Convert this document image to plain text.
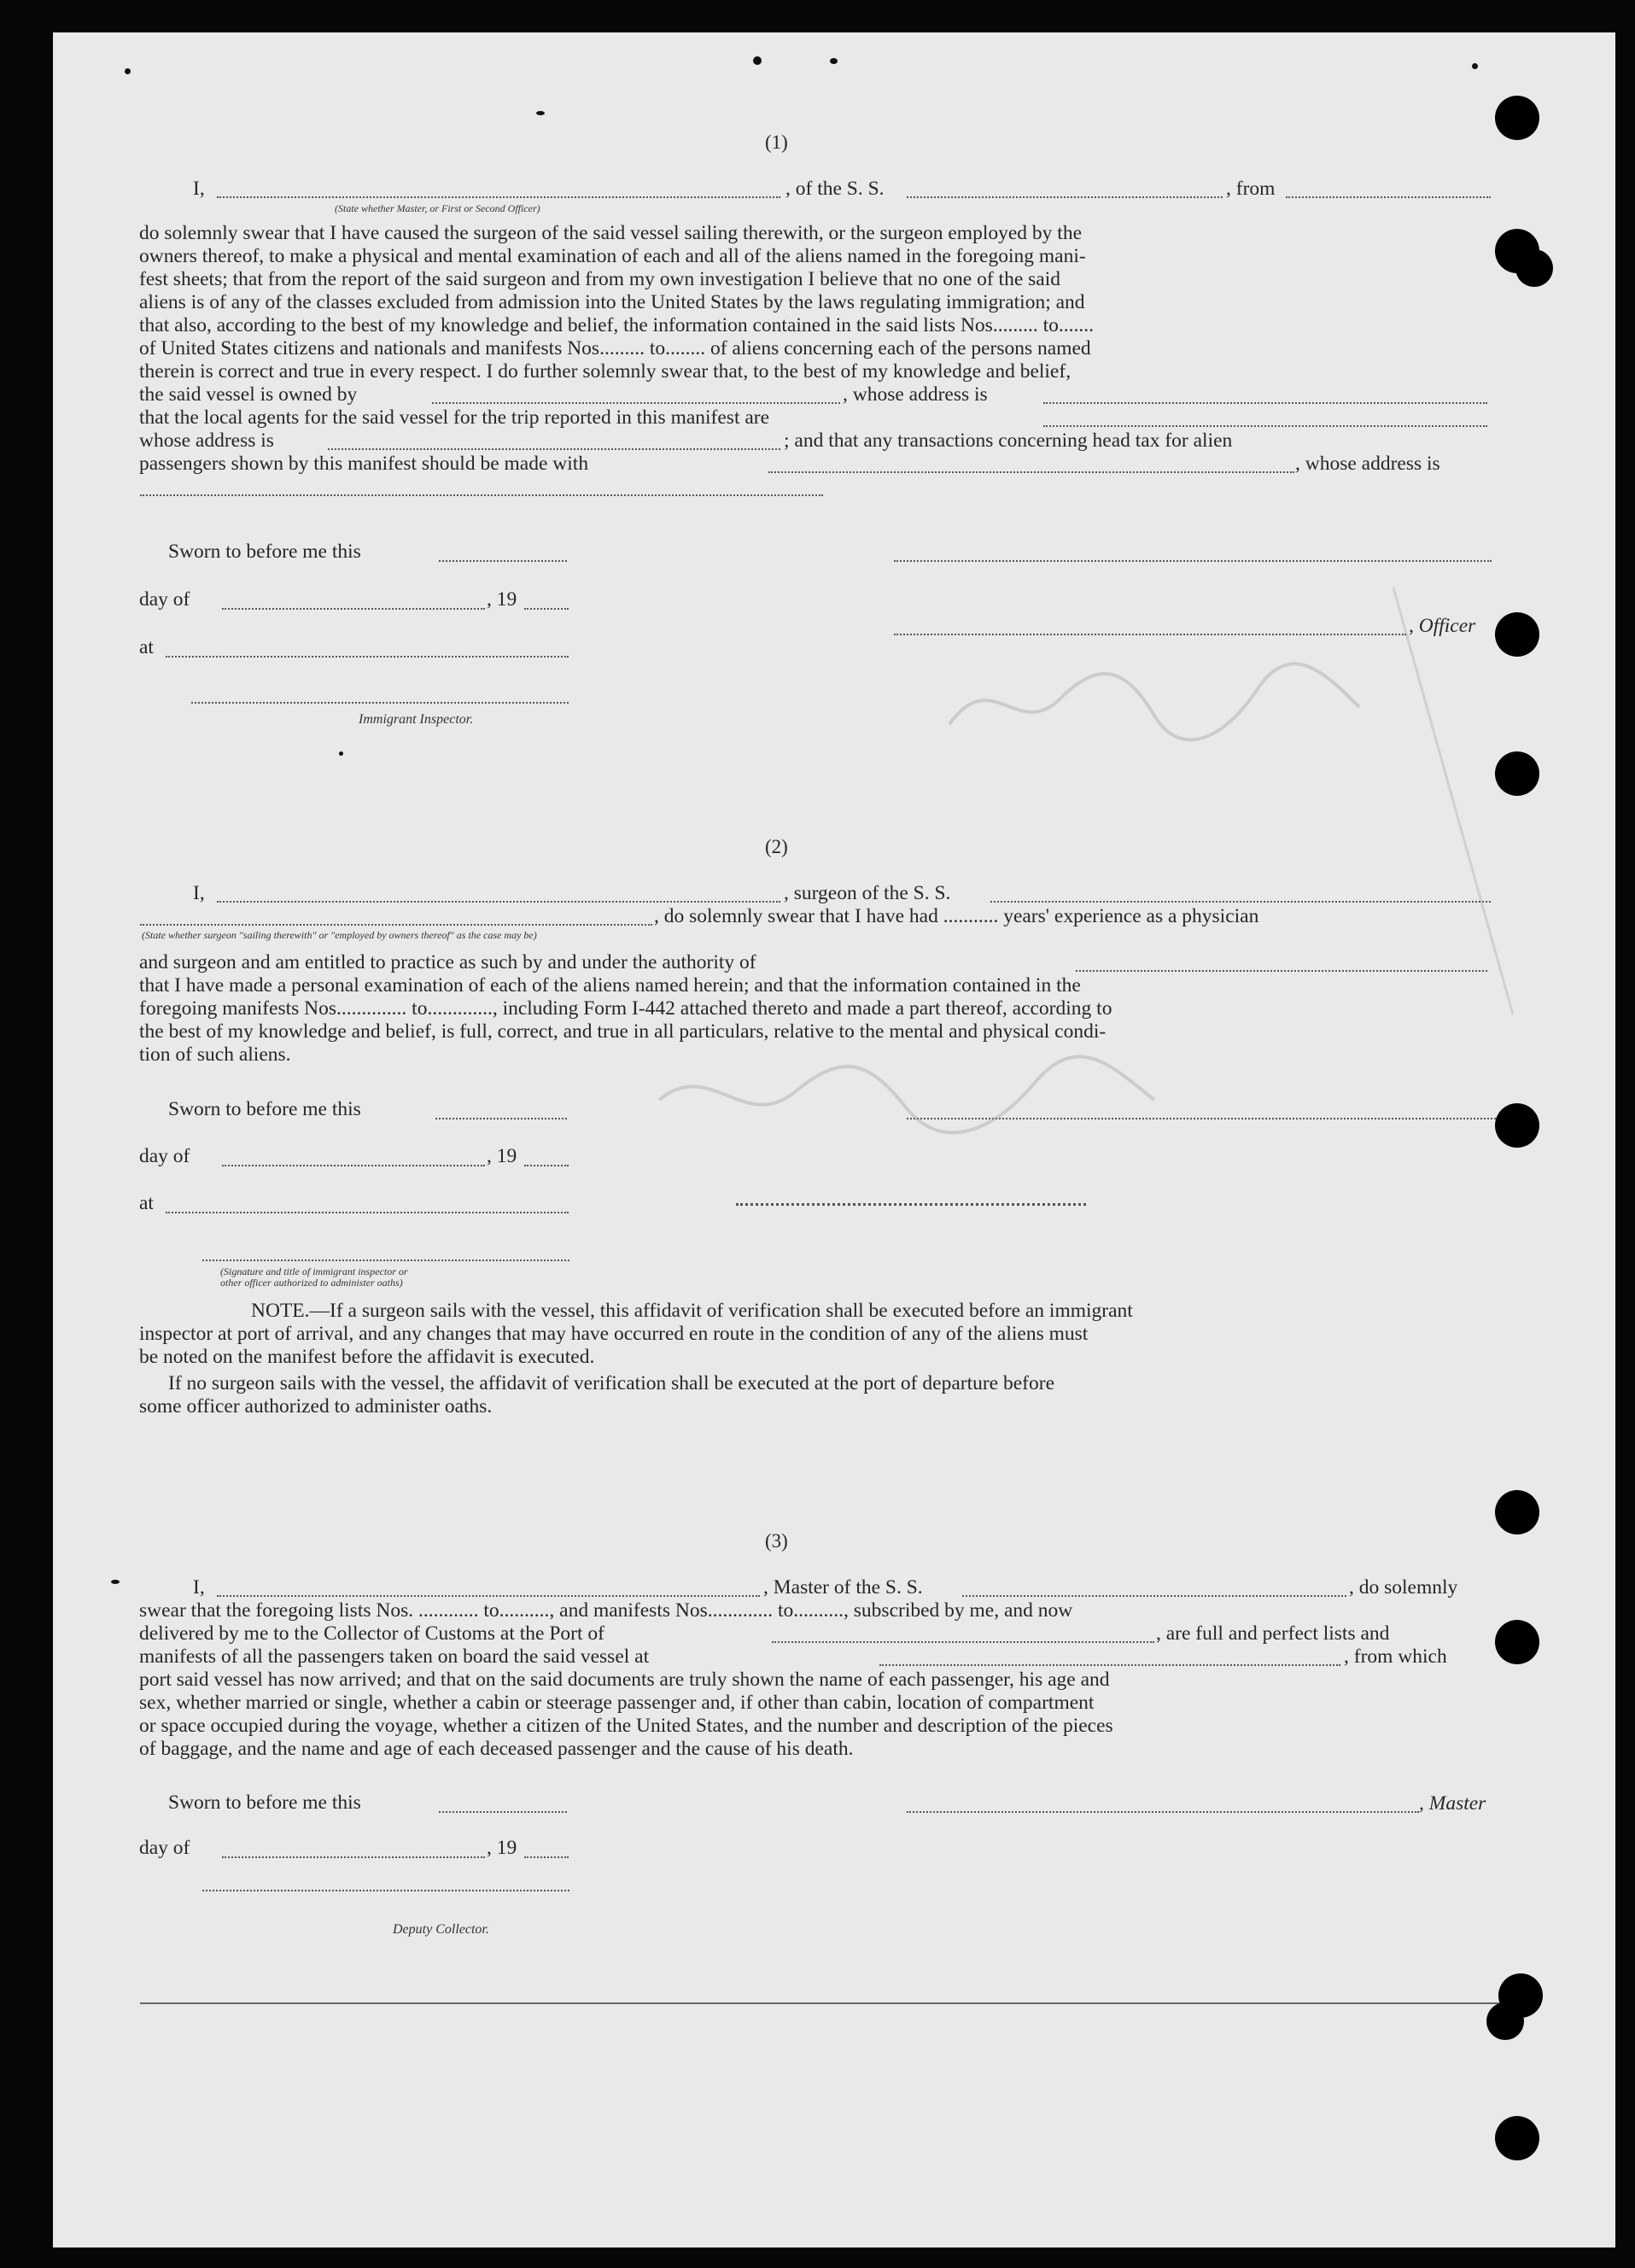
(1)
I,	, of the S. S.	, from
(State whether Master, or First or Second Officer)
do solemnly swear that I have caused the surgeon of the said vessel sailing therewith, or the surgeon employed by the
owners thereof, to make a physical and mental examination of each and all of the aliens named in the foregoing mani-
fest sheets; that from the report of the said surgeon and from my own investigation I believe that no one of the said
aliens is of any of the classes excluded from admission into the United States by the laws regulating immigration; and
that also, according to the best of my knowledge and belief, the information contained in the said lists Nos......... to.......
of United States citizens and nationals and manifests Nos......... to........ of aliens concerning each of the persons named
therein is correct and true in every respect. I do further solemnly swear that, to the best of my knowledge and belief,
the said vessel is owned by	, whose address is
that the local agents for the said vessel for the trip reported in this manifest are
whose address is	; and that any transactions concerning head tax for alien
passengers shown by this manifest should be made with	, whose address is
Sworn to before me this
day of	, 19
, Officer
at
Immigrant Inspector.
(2)
I,	, surgeon of the S. S.
, do solemnly swear that I have had ........... years' experience as a physician
(State whether surgeon "sailing therewith" or "employed by owners thereof" as the case may be)
and surgeon and am entitled to practice as such by and under the authority of
that I have made a personal examination of each of the aliens named herein; and that the information contained in the
foregoing manifests Nos.............. to............., including Form I-442 attached thereto and made a part thereof, according to
the best of my knowledge and belief, is full, correct, and true in all particulars, relative to the mental and physical condi-
tion of such aliens.
Sworn to before me this
day of	, 19
at
(Signature and title of immigrant inspector or
other officer authorized to administer oaths)
NOTE.—If a surgeon sails with the vessel, this affidavit of verification shall be executed before an immigrant
inspector at port of arrival, and any changes that may have occurred en route in the condition of any of the aliens must
be noted on the manifest before the affidavit is executed.
If no surgeon sails with the vessel, the affidavit of verification shall be executed at the port of departure before
some officer authorized to administer oaths.
(3)
I,	, Master of the S. S.	, do solemnly
swear that the foregoing lists Nos. ............ to.........., and manifests Nos............. to.........., subscribed by me, and now
delivered by me to the Collector of Customs at the Port of	, are full and perfect lists and
manifests of all the passengers taken on board the said vessel at	, from which
port said vessel has now arrived; and that on the said documents are truly shown the name of each passenger, his age and
sex, whether married or single, whether a cabin or steerage passenger and, if other than cabin, location of compartment
or space occupied during the voyage, whether a citizen of the United States, and the number and description of the pieces
of baggage, and the name and age of each deceased passenger and the cause of his death.
Sworn to before me this	, Master
day of	, 19
Deputy Collector.
